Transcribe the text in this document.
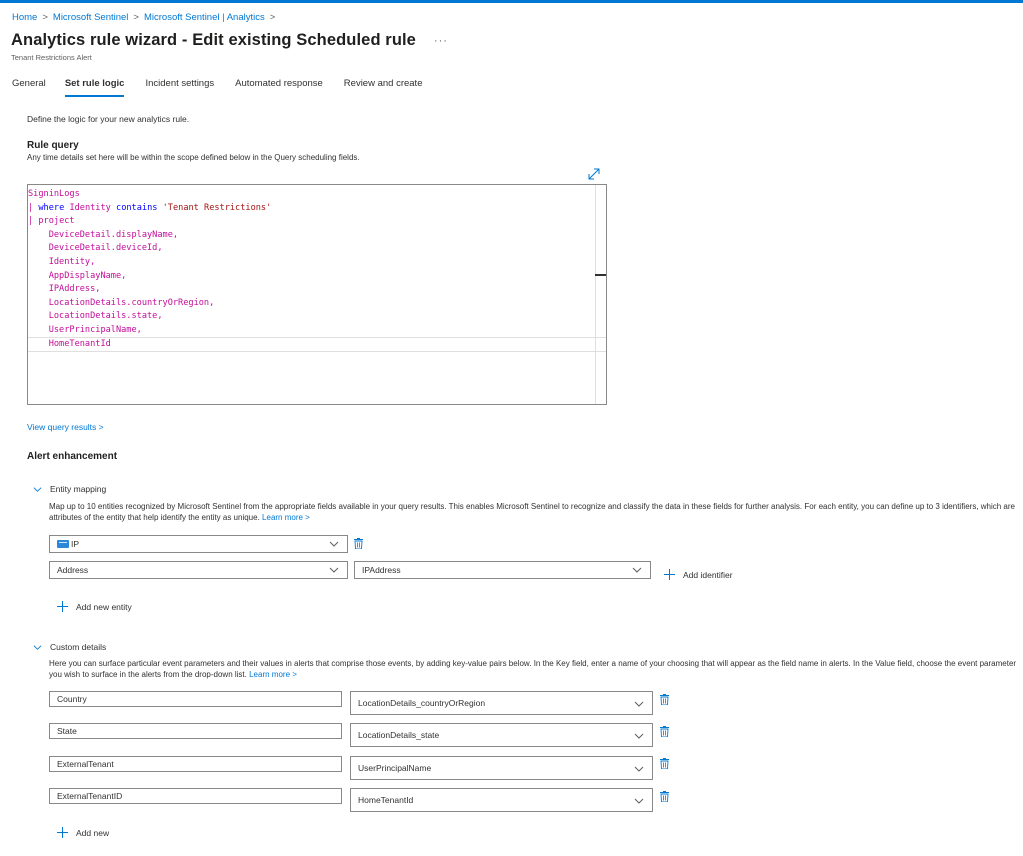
Home > Microsoft Sentinel > Microsoft Sentinel | Analytics >
Analytics rule wizard - Edit existing Scheduled rule ···
Tenant Restrictions Alert
General Set rule logic Incident settings Automated response Review and create
Define the logic for your new analytics rule.
Rule query
Any time details set here will be within the scope defined below in the Query scheduling fields.
SigninLogs
| where Identity contains 'Tenant Restrictions'
| project
DeviceDetail.displayName,
DeviceDetail.deviceId,
Identity,
AppDisplayName,
IPAddress,
LocationDetails.countryOrRegion,
LocationDetails.state,
UserPrincipalName,
HomeTenantId
View query results >
Alert enhancement
Entity mapping
Map up to 10 entities recognized by Microsoft Sentinel from the appropriate fields available in your query results. This enables Microsoft Sentinel to recognize and classify the data in these fields for further analysis. For each entity, you can define up to 3 identifiers, which are attributes of the entity that help identify the entity as unique. Learn more >
IP
Address	IPAddress	Add identifier
Add new entity
Custom details
Here you can surface particular event parameters and their values in alerts that comprise those events, by adding key-value pairs below. In the Key field, enter a name of your choosing that will appear as the field name in alerts. In the Value field, choose the event parameter you wish to surface in the alerts from the drop-down list. Learn more >
Country	LocationDetails_countryOrRegion
State	LocationDetails_state
ExternalTenant	UserPrincipalName
ExternalTenantID	HomeTenantId
Add new
